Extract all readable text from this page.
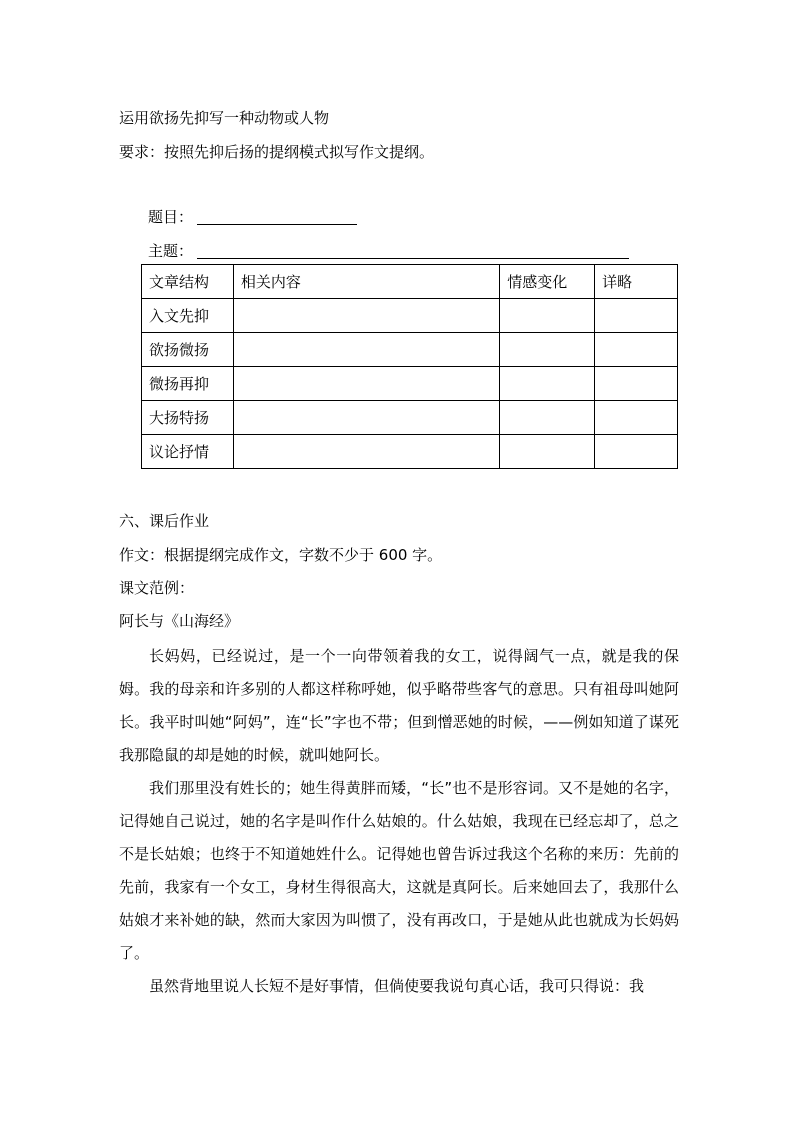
运用欲扬先抑写一种动物或人物
要求：按照先抑后扬的提纲模式拟写作文提纲。
题目：
主题：
文章结构	相关内容	情感变化	详略
入文先抑			
欲扬微扬			
微扬再抑			
大扬特扬			
议论抒情			
六、课后作业
作文：根据提纲完成作文，字数不少于 600 字。
课文范例：
阿长与《山海经》

长妈妈，已经说过，是一个一向带领着我的女工，说得阔气一点，就是我的保姆。我的母亲和许多别的人都这样称呼她，似乎略带些客气的意思。只有祖母叫她阿长。我平时叫她“阿妈”，连“长”字也不带；但到憎恶她的时候，——例如知道了谋死我那隐鼠的却是她的时候，就叫她阿长。

我们那里没有姓长的；她生得黄胖而矮，“长”也不是形容词。又不是她的名字，记得她自己说过，她的名字是叫作什么姑娘的。什么姑娘，我现在已经忘却了，总之不是长姑娘；也终于不知道她姓什么。记得她也曾告诉过我这个名称的来历：先前的先前，我家有一个女工，身材生得很高大，这就是真阿长。后来她回去了，我那什么姑娘才来补她的缺，然而大家因为叫惯了，没有再改口，于是她从此也就成为长妈妈了。

虽然背地里说人长短不是好事情，但倘使要我说句真心话，我可只得说：我
